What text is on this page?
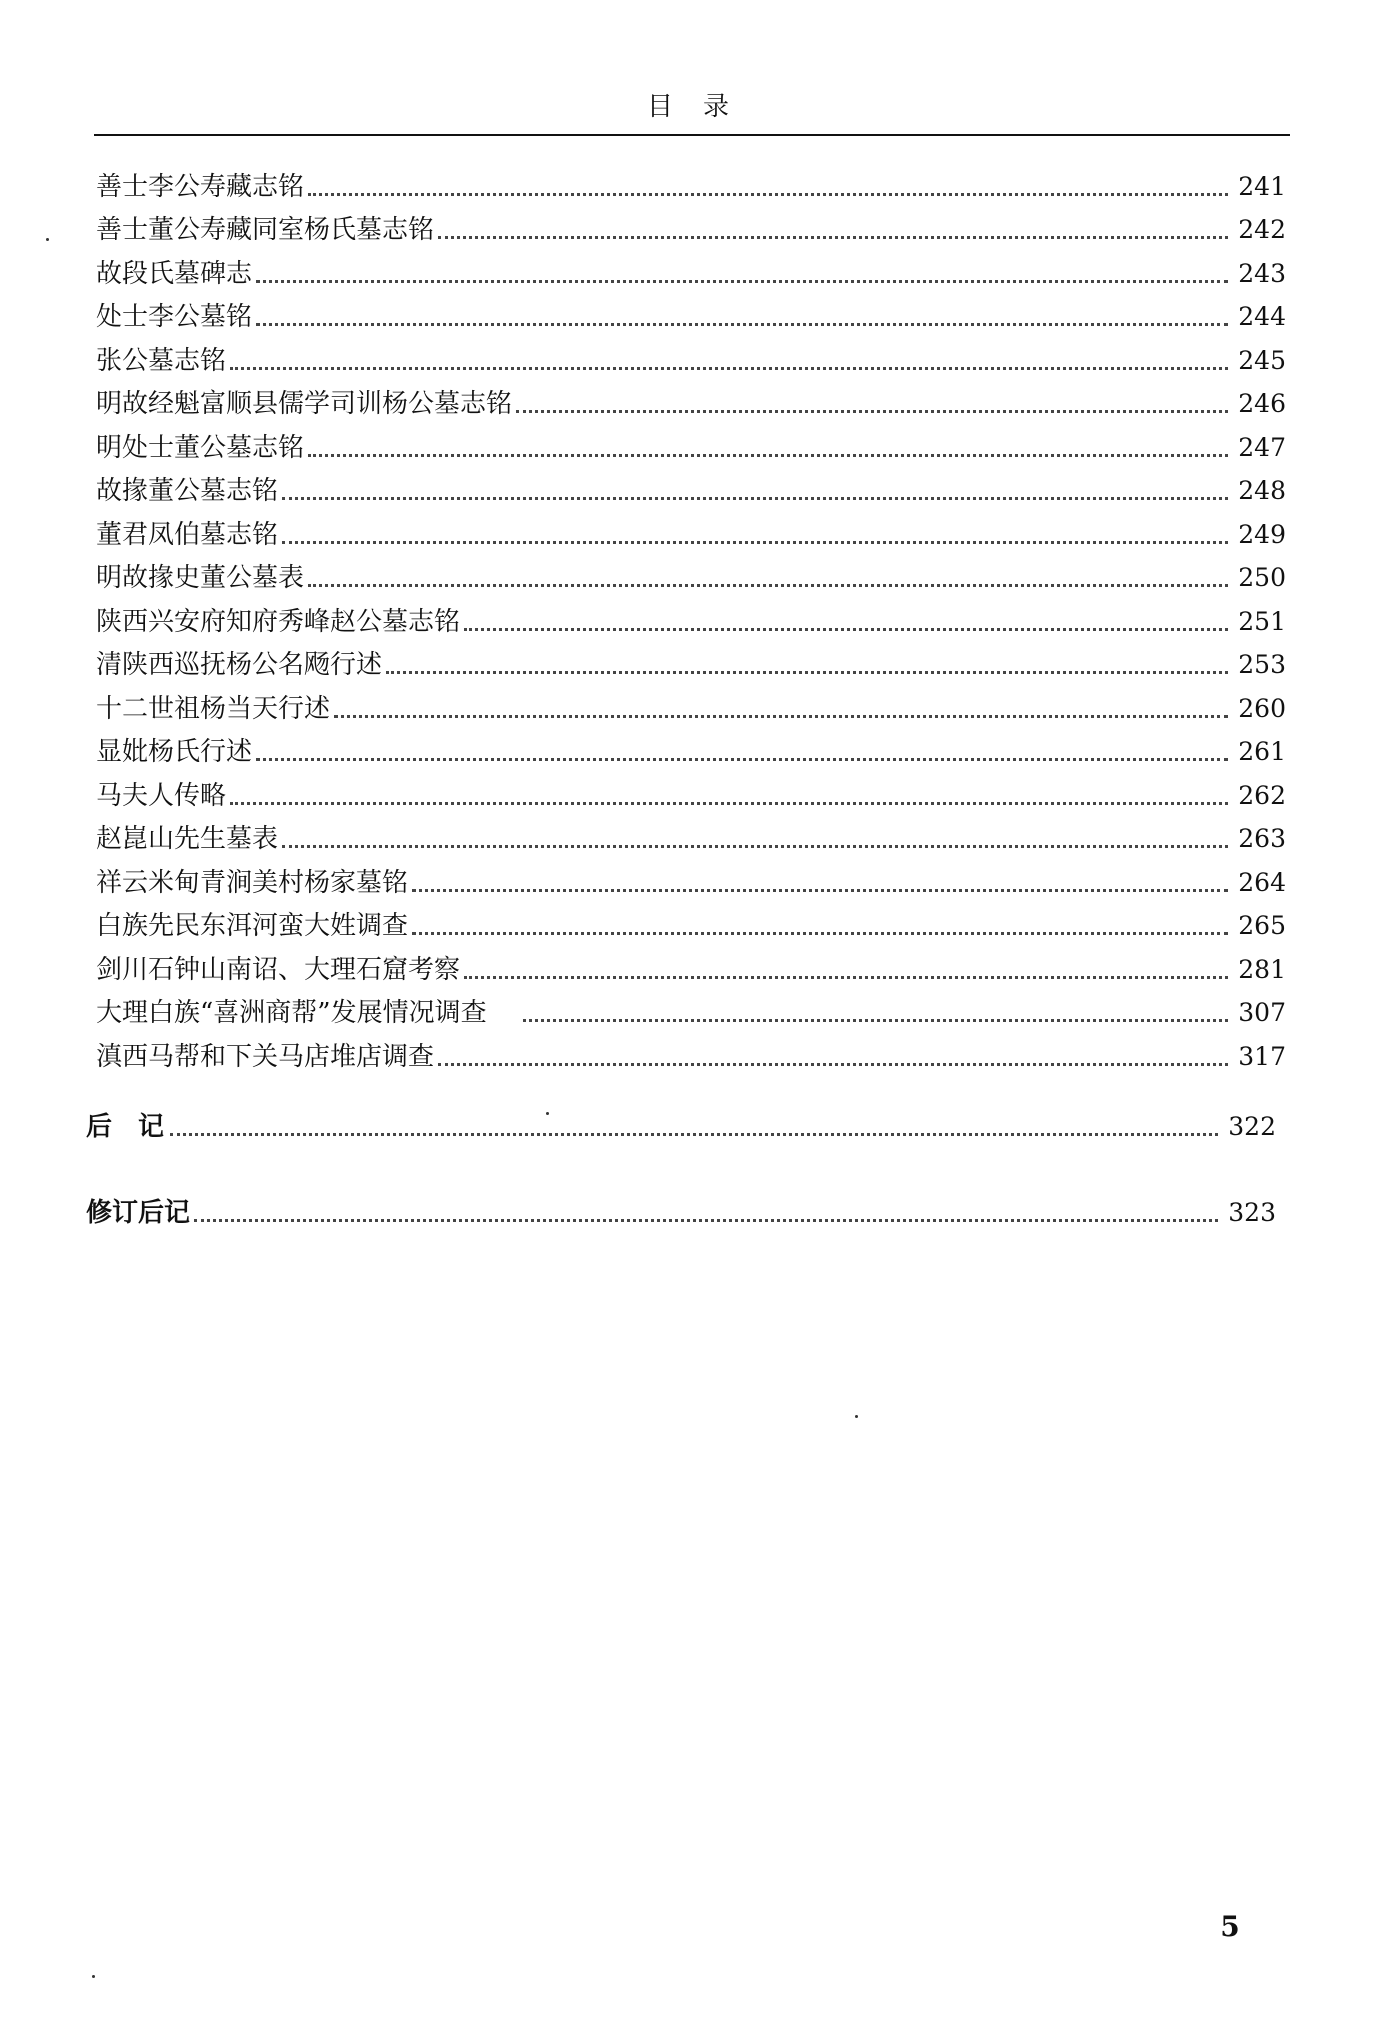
目录
善士李公寿藏志铭	241
善士董公寿藏同室杨氏墓志铭	242
故段氏墓碑志	243
处士李公墓铭	244
张公墓志铭	245
明故经魁富顺县儒学司训杨公墓志铭	246
明处士董公墓志铭	247
故掾董公墓志铭	248
董君凤伯墓志铭	249
明故掾史董公墓表	250
陕西兴安府知府秀峰赵公墓志铭	251
清陕西巡抚杨公名飏行述	253
十二世祖杨当天行述	260
显妣杨氏行述	261
马夫人传略	262
赵崑山先生墓表	263
祥云米甸青涧美村杨家墓铭	264
白族先民东洱河蛮大姓调查	265
剑川石钟山南诏、大理石窟考察	281
大理白族“喜洲商帮”发展情况调查	307
滇西马帮和下关马店堆店调查	317
后记	322
修订后记	323
5
